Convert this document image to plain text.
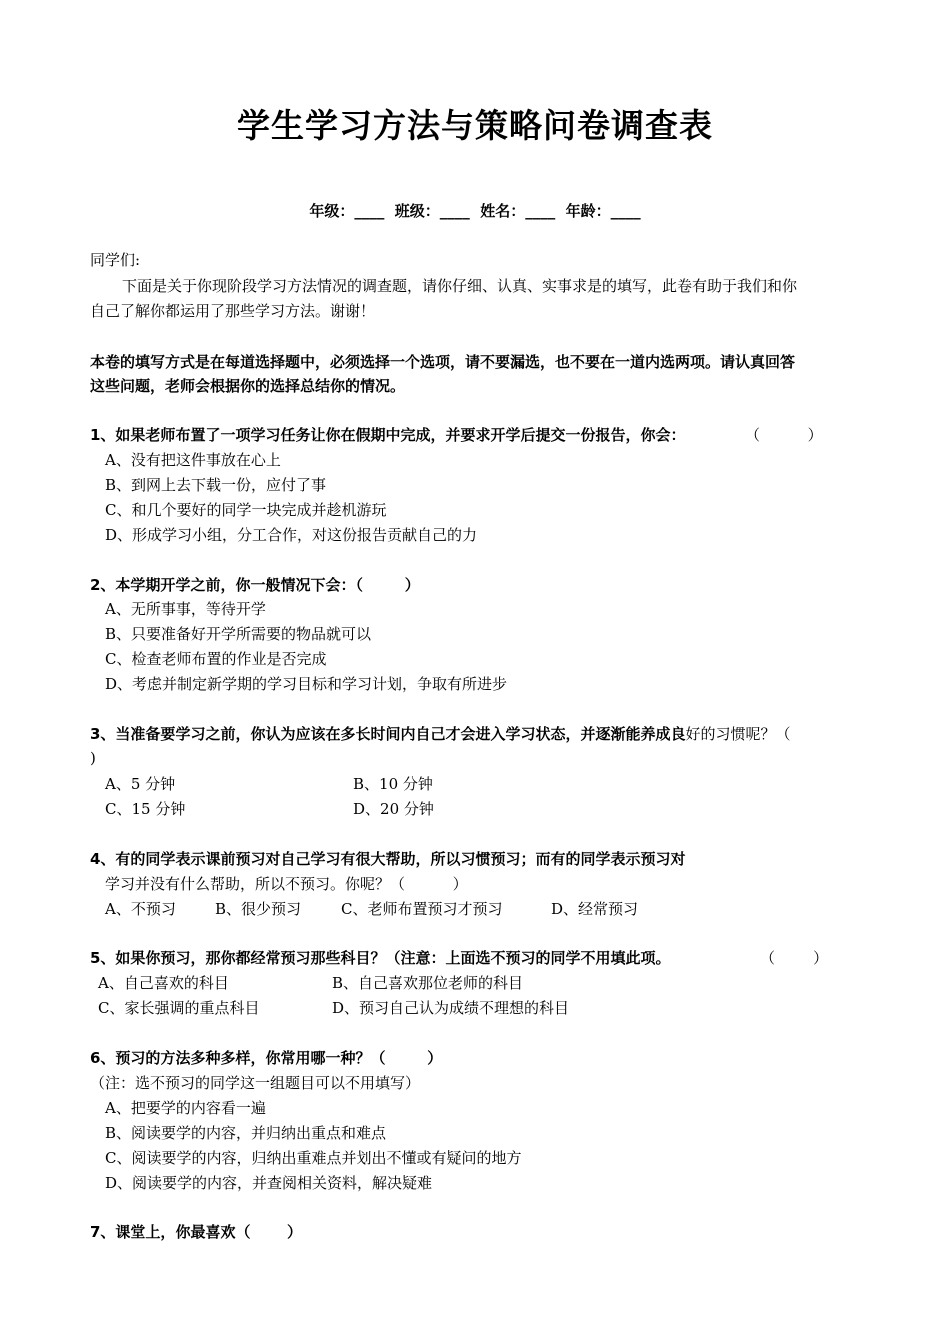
学生学习方法与策略问卷调查表
年级：____  班级：____  姓名：____  年龄：____
同学们:
下面是关于你现阶段学习方法情况的调查题，请你仔细、认真、实事求是的填写，此卷有助于我们和你
自己了解你都运用了那些学习方法。谢谢！
本卷的填写方式是在每道选择题中，必须选择一个选项，请不要漏选，也不要在一道内选两项。请认真回答
这些问题，老师会根据你的选择总结你的情况。
1、如果老师布置了一项学习任务让你在假期中完成，并要求开学后提交一份报告，你会：	（          ）
A、没有把这件事放在心上
B、到网上去下载一份，应付了事
C、和几个要好的同学一块完成并趁机游玩
D、形成学习小组，分工合作，对这份报告贡献自己的力
2、本学期开学之前，你一般情况下会：（        ）
A、无所事事，等待开学
B、只要准备好开学所需要的物品就可以
C、检查老师布置的作业是否完成
D、考虑并制定新学期的学习目标和学习计划，争取有所进步
3、当准备要学习之前，你认为应该在多长时间内自己才会进入学习状态，并逐渐能养成良好的习惯呢？（
)
A、5 分钟	B、10 分钟
C、15 分钟	D、20 分钟
4、有的同学表示课前预习对自己学习有很大帮助，所以习惯预习；而有的同学表示预习对
学习并没有什么帮助，所以不预习。你呢？（          ）
A、不预习	B、很少预习	C、老师布置预习才预习	D、经常预习
5、如果你预习，那你都经常预习那些科目？（注意：上面选不预习的同学不用填此项。	（        ）
A、自己喜欢的科目	B、自己喜欢那位老师的科目
C、家长强调的重点科目	D、预习自己认为成绩不理想的科目
6、预习的方法多种多样，你常用哪一种？（        ）
（注：选不预习的同学这一组题目可以不用填写）
A、把要学的内容看一遍
B、阅读要学的内容，并归纳出重点和难点
C、阅读要学的内容，归纳出重难点并划出不懂或有疑问的地方
D、阅读要学的内容，并查阅相关资料，解决疑难
7、课堂上，你最喜欢（       ）
